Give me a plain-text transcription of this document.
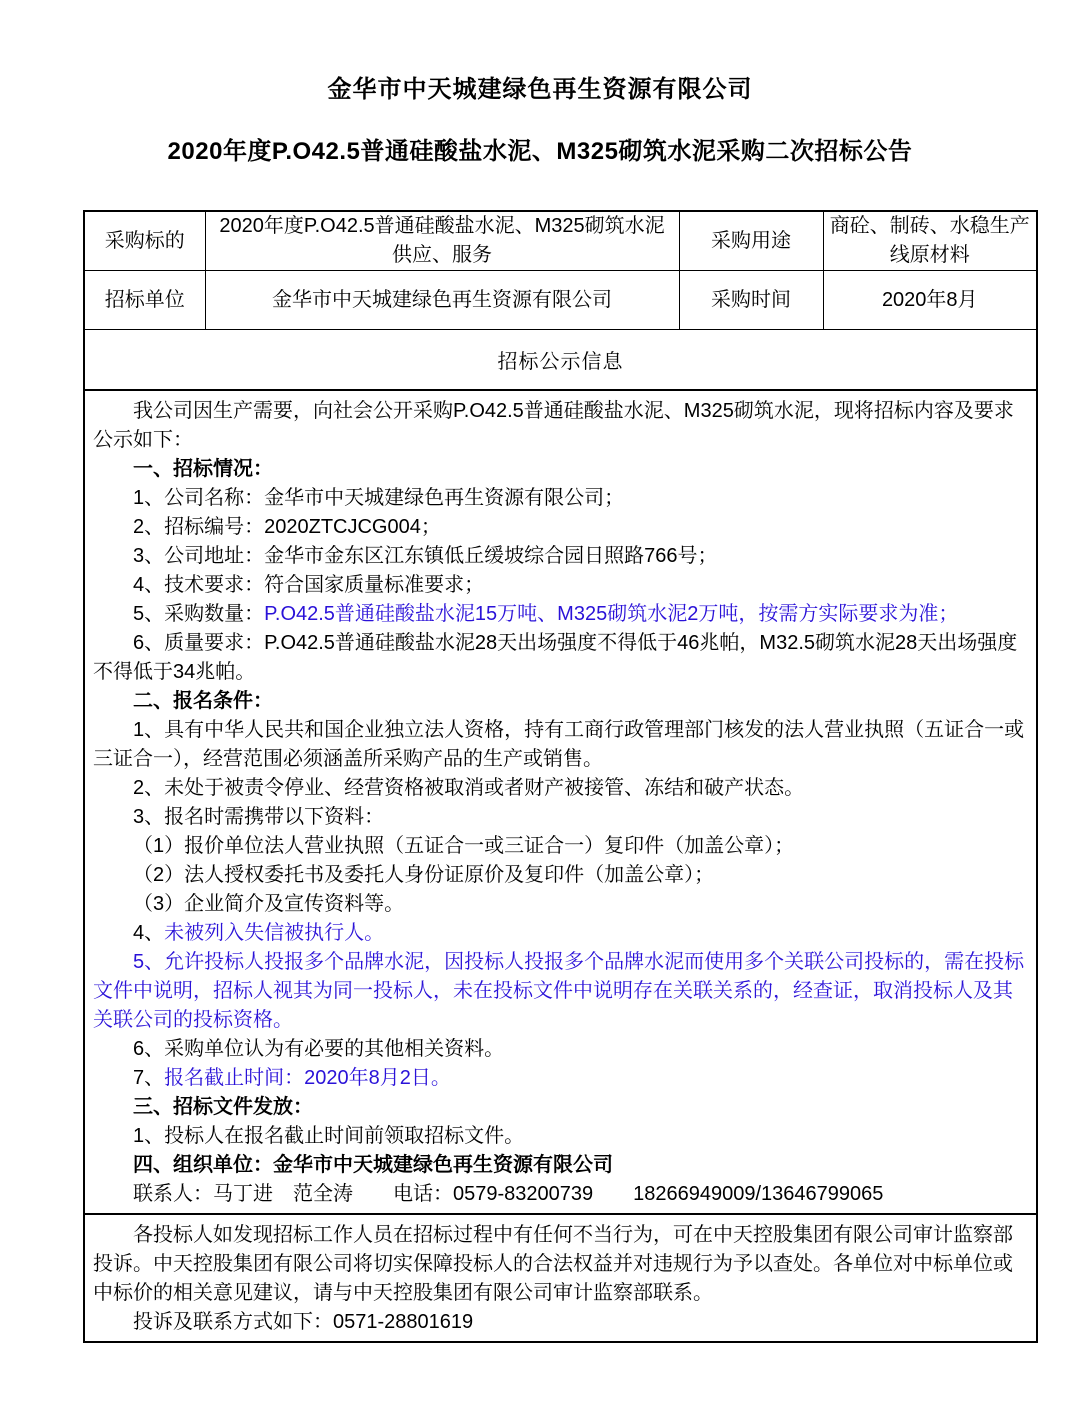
金华市中天城建绿色再生资源有限公司
2020年度P.O42.5普通硅酸盐水泥、M325砌筑水泥采购二次招标公告
采购标的	2020年度P.O42.5普通硅酸盐水泥、M325砌筑水泥供应、服务	采购用途	商砼、制砖、水稳生产线原材料
招标单位	金华市中天城建绿色再生资源有限公司	采购时间	2020年8月
招标公示信息			

我公司因生产需要，向社会公开采购P.O42.5普通硅酸盐水泥、M325砌筑水泥，现将招标内容及要求公示如下：

一、招标情况：

1、公司名称：金华市中天城建绿色再生资源有限公司；

2、招标编号：2020ZTCJCG004；

3、公司地址：金华市金东区江东镇低丘缓坡综合园日照路766号；

4、技术要求：符合国家质量标准要求；

5、采购数量：P.O42.5普通硅酸盐水泥15万吨、M325砌筑水泥2万吨，按需方实际要求为准；

6、质量要求：P.O42.5普通硅酸盐水泥28天出场强度不得低于46兆帕，M32.5砌筑水泥28天出场强度不得低于34兆帕。

二、报名条件：

1、具有中华人民共和国企业独立法人资格，持有工商行政管理部门核发的法人营业执照（五证合一或三证合一），经营范围必须涵盖所采购产品的生产或销售。

2、未处于被责令停业、经营资格被取消或者财产被接管、冻结和破产状态。

3、报名时需携带以下资料：

（1）报价单位法人营业执照（五证合一或三证合一）复印件（加盖公章）；

（2）法人授权委托书及委托人身份证原价及复印件（加盖公章）；

（3）企业简介及宣传资料等。

4、未被列入失信被执行人。

5、允许投标人投报多个品牌水泥，因投标人投报多个品牌水泥而使用多个关联公司投标的，需在投标文件中说明，招标人视其为同一投标人，未在投标文件中说明存在关联关系的，经查证，取消投标人及其关联公司的投标资格。

6、采购单位认为有必要的其他相关资料。

7、报名截止时间：2020年8月2日。

三、招标文件发放：

1、投标人在报名截止时间前领取招标文件。

四、组织单位：金华市中天城建绿色再生资源有限公司

联系人：马丁进　范全涛　　电话：0579-83200739　　18266949009/13646799065

各投标人如发现招标工作人员在招标过程中有任何不当行为，可在中天控股集团有限公司审计监察部投诉。中天控股集团有限公司将切实保障投标人的合法权益并对违规行为予以查处。各单位对中标单位或中标价的相关意见建议，请与中天控股集团有限公司审计监察部联系。

投诉及联系方式如下：0571-28801619			
